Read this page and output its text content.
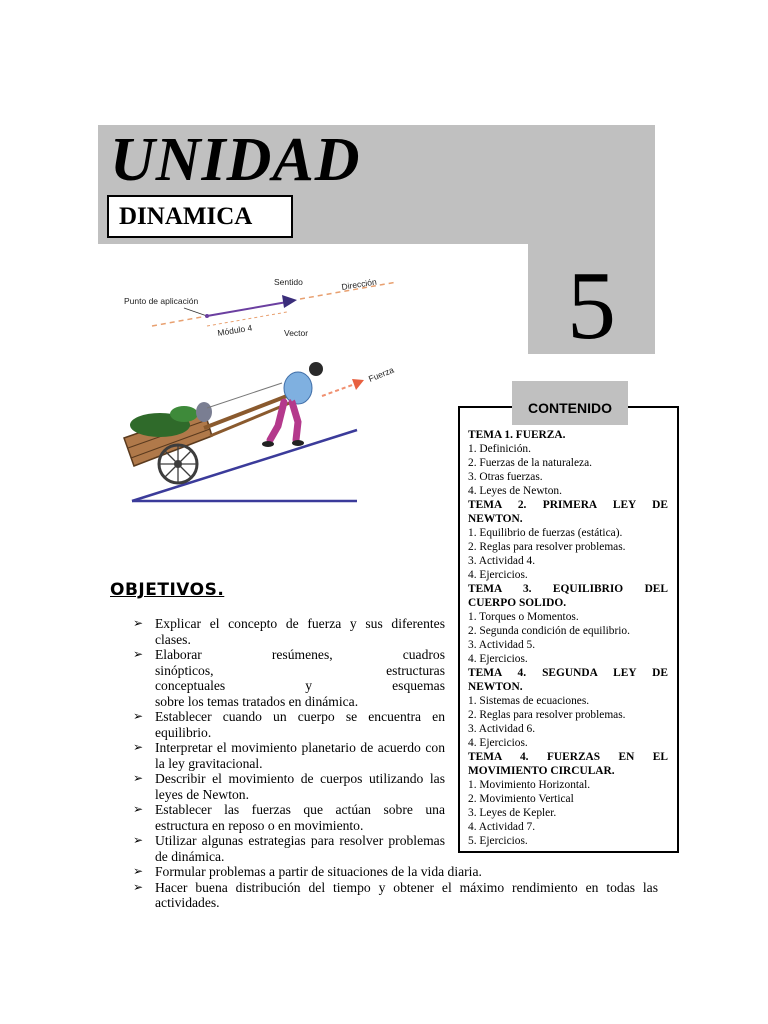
UNIDAD
DINAMICA
5
Punto de aplicación
Sentido	Dirección
Módulo 4	Vector
Fuerza
CONTENIDO
TEMA 1. FUERZA.
1. Definición.
2. Fuerzas de la naturaleza.
3. Otras fuerzas.
4. Leyes de Newton.
TEMA 2. PRIMERA LEY DE
NEWTON.
1. Equilibrio de fuerzas (estática).
2. Reglas para resolver problemas.
3. Actividad 4.
4. Ejercicios.
TEMA 3. EQUILIBRIO DEL
CUERPO SOLIDO.
1. Torques o Momentos.
2. Segunda condición de equilibrio.
3. Actividad 5.
4. Ejercicios.
TEMA 4. SEGUNDA LEY DE
NEWTON.
1. Sistemas de ecuaciones.
2. Reglas para resolver problemas.
3. Actividad 6.
4. Ejercicios.
TEMA 4. FUERZAS EN EL
MOVIMIENTO CIRCULAR.
1. Movimiento Horizontal.
2. Movimiento Vertical
3. Leyes de Kepler.
4. Actividad 7.
5. Ejercicios.
OBJETIVOS.
➢ Explicar el concepto de fuerza y sus diferentes clases.
➢ Elaborar resúmenes, cuadros
sinópticos, estructuras
conceptuales y esquemas
sobre los temas tratados en dinámica.
➢ Establecer cuando un cuerpo se encuentra en equilibrio.
➢ Interpretar el movimiento planetario de acuerdo con la ley gravitacional.
➢ Describir el movimiento de cuerpos utilizando las leyes de Newton.
➢ Establecer las fuerzas que actúan sobre una estructura en reposo o en movimiento.
➢ Utilizar algunas estrategias para resolver problemas de dinámica.
➢ Formular problemas a partir de situaciones de la vida diaria.
➢ Hacer buena distribución del tiempo y obtener el máximo rendimiento en todas las actividades.
